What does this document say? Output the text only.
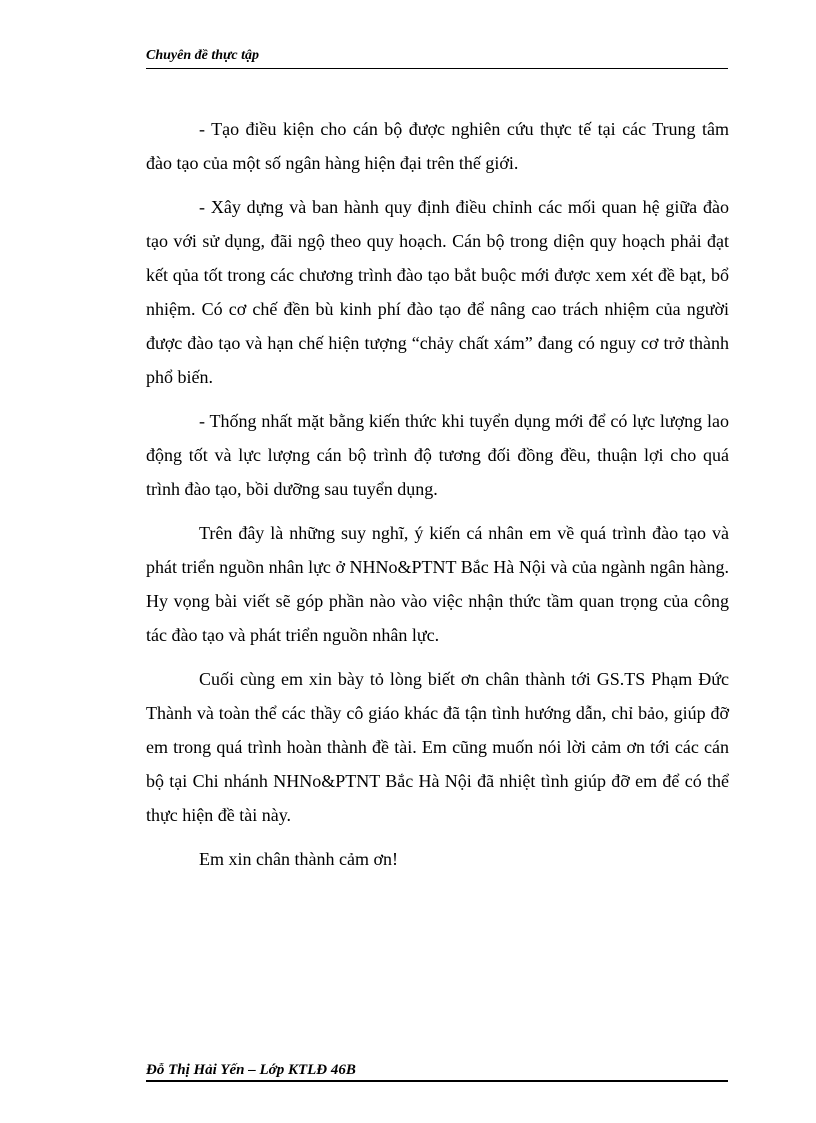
Chuyên đề thực tập

- Tạo điều kiện cho cán bộ được nghiên cứu thực tế tại các Trung tâm đào tạo của một số ngân hàng hiện đại trên thế giới.

- Xây dựng và ban hành quy định điều chỉnh các mối quan hệ giữa đào tạo với sử dụng, đãi ngộ theo quy hoạch. Cán bộ trong diện quy hoạch phải đạt kết qủa tốt trong các chương trình đào tạo bắt buộc mới được xem xét đề bạt, bổ nhiệm. Có cơ chế đền bù kinh phí đào tạo để nâng cao trách nhiệm của người được đào tạo và hạn chế hiện tượng “chảy chất xám” đang có nguy cơ trở thành phổ biến.

- Thống nhất mặt bằng kiến thức khi tuyển dụng mới để có lực lượng lao động tốt và lực lượng cán bộ trình độ tương đối đồng đều, thuận lợi cho quá trình đào tạo, bồi dưỡng sau tuyển dụng.

Trên đây là những suy nghĩ, ý kiến cá nhân em về quá trình đào tạo và phát triển nguồn nhân lực ở NHNo&PTNT Bắc Hà Nội và của ngành ngân hàng. Hy vọng bài viết sẽ góp phần nào vào việc nhận thức tầm quan trọng của công tác đào tạo và phát triển nguồn nhân lực.

Cuối cùng em xin bày tỏ lòng biết ơn chân thành tới GS.TS Phạm Đức Thành và toàn thể các thầy cô giáo khác đã tận tình hướng dẫn, chỉ bảo, giúp đỡ em trong quá trình hoàn thành đề tài. Em cũng muốn nói lời cảm ơn tới các cán bộ tại Chi nhánh NHNo&PTNT Bắc Hà Nội đã nhiệt tình giúp đỡ em để có thể thực hiện đề tài này.

Em xin chân thành cảm ơn!

Đỗ Thị Hải Yến – Lớp KTLĐ 46B
